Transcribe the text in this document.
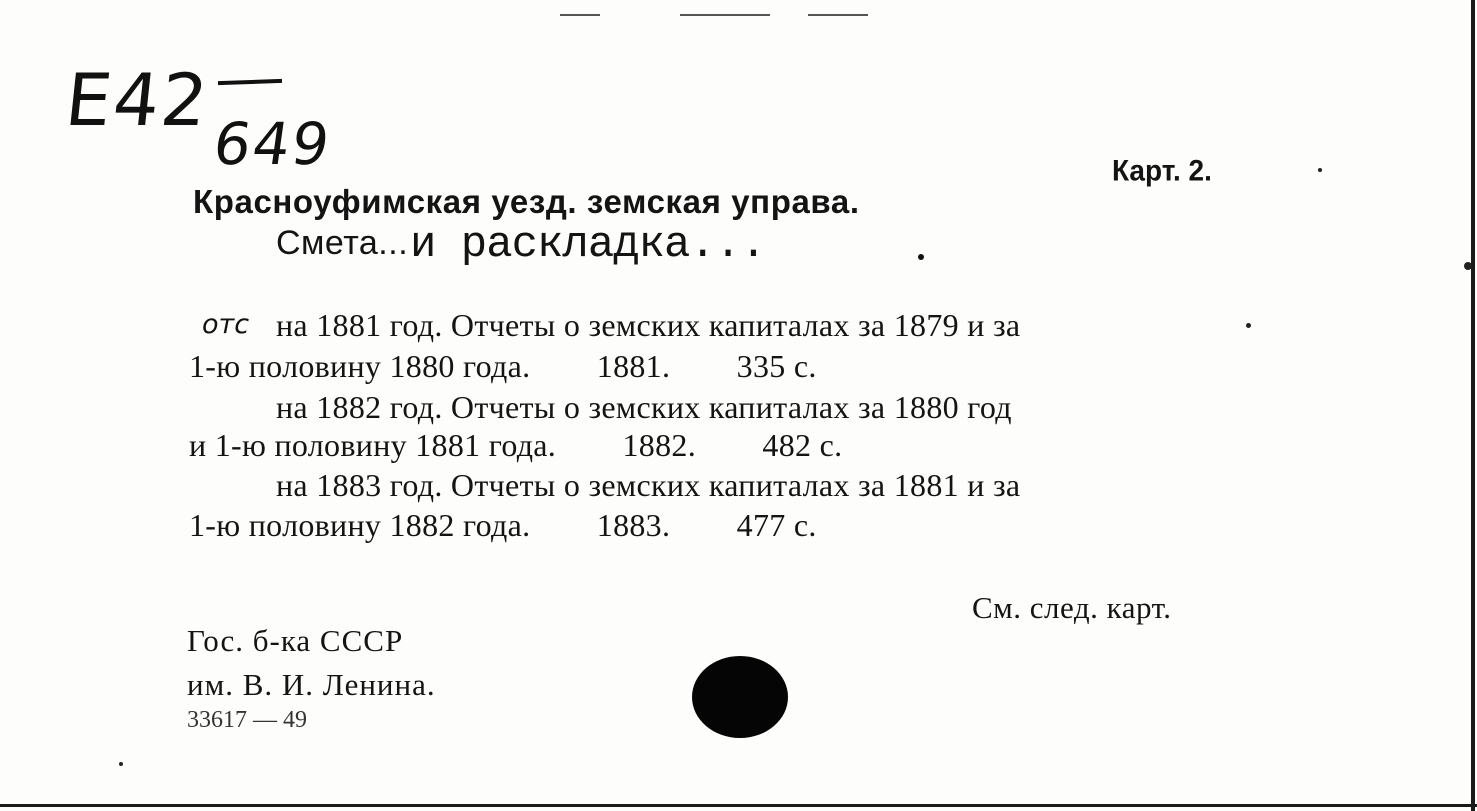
Е42
649	Карт. 2.
Красноуфимская уезд. земская управа.
Смета... и раскладка...
отс на 1881 год. Отчеты о земских капиталах за 1879 и за
1-ю половину 1880 года.        1881.        335 с.
на 1882 год. Отчеты о земских капиталах за 1880 год
и 1-ю половину 1881 года.        1882.        482 с.
на 1883 год. Отчеты о земских капиталах за 1881 и за
1-ю половину 1882 года.        1883.        477 с.
См. след. карт.
Гос. б-ка СССР
им. В. И. Ленина.
33617 — 49
